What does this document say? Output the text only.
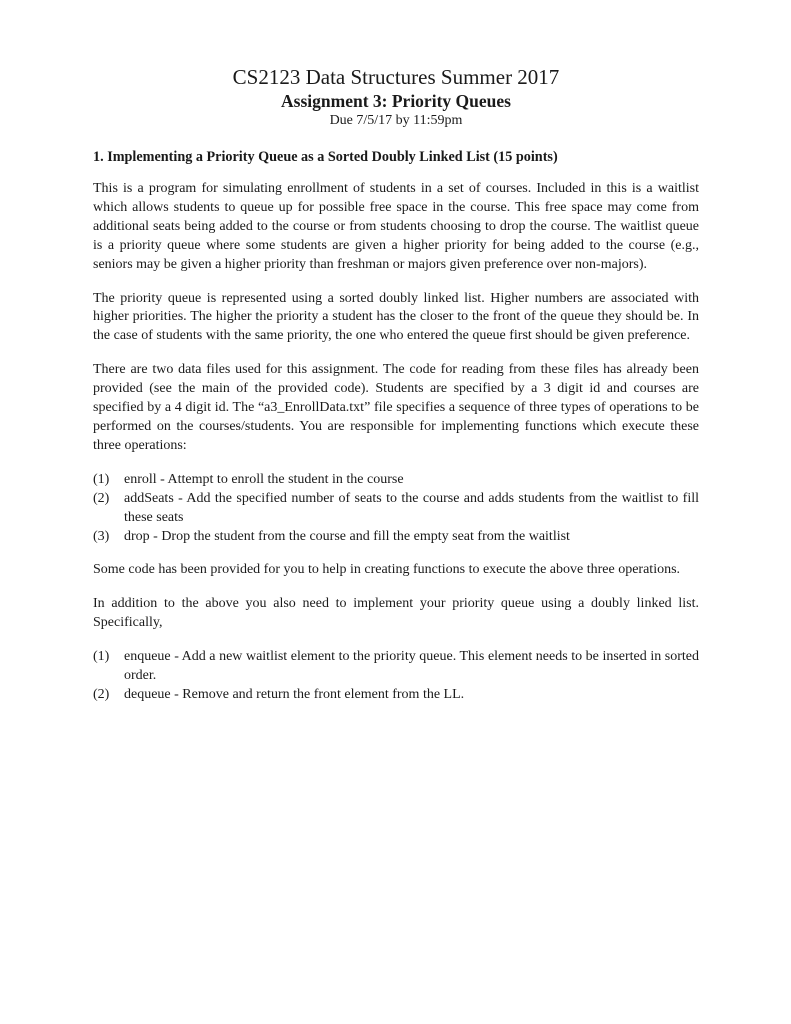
CS2123 Data Structures Summer 2017
Assignment 3: Priority Queues
Due 7/5/17 by 11:59pm
1. Implementing a Priority Queue as a Sorted Doubly Linked List (15 points)

This is a program for simulating enrollment of students in a set of courses. Included in this is a waitlist which allows students to queue up for possible free space in the course. This free space may come from additional seats being added to the course or from students choosing to drop the course. The waitlist queue is a priority queue where some students are given a higher priority for being added to the course (e.g., seniors may be given a higher priority than freshman or majors given preference over non-majors).

The priority queue is represented using a sorted doubly linked list. Higher numbers are associated with higher priorities. The higher the priority a student has the closer to the front of the queue they should be. In the case of students with the same priority, the one who entered the queue first should be given preference.

There are two data files used for this assignment. The code for reading from these files has already been provided (see the main of the provided code). Students are specified by a 3 digit id and courses are specified by a 4 digit id. The “a3_EnrollData.txt” file specifies a sequence of three types of operations to be performed on the courses/students. You are responsible for implementing functions which execute these three operations:

(1)	enroll - Attempt to enroll the student in the course
(2)	addSeats - Add the specified number of seats to the course and adds students from the waitlist to fill these seats
(3)	drop - Drop the student from the course and fill the empty seat from the waitlist

Some code has been provided for you to help in creating functions to execute the above three operations.

In addition to the above you also need to implement your priority queue using a doubly linked list. Specifically,

(1)	enqueue - Add a new waitlist element to the priority queue. This element needs to be inserted in sorted order.
(2)	dequeue - Remove and return the front element from the LL.
